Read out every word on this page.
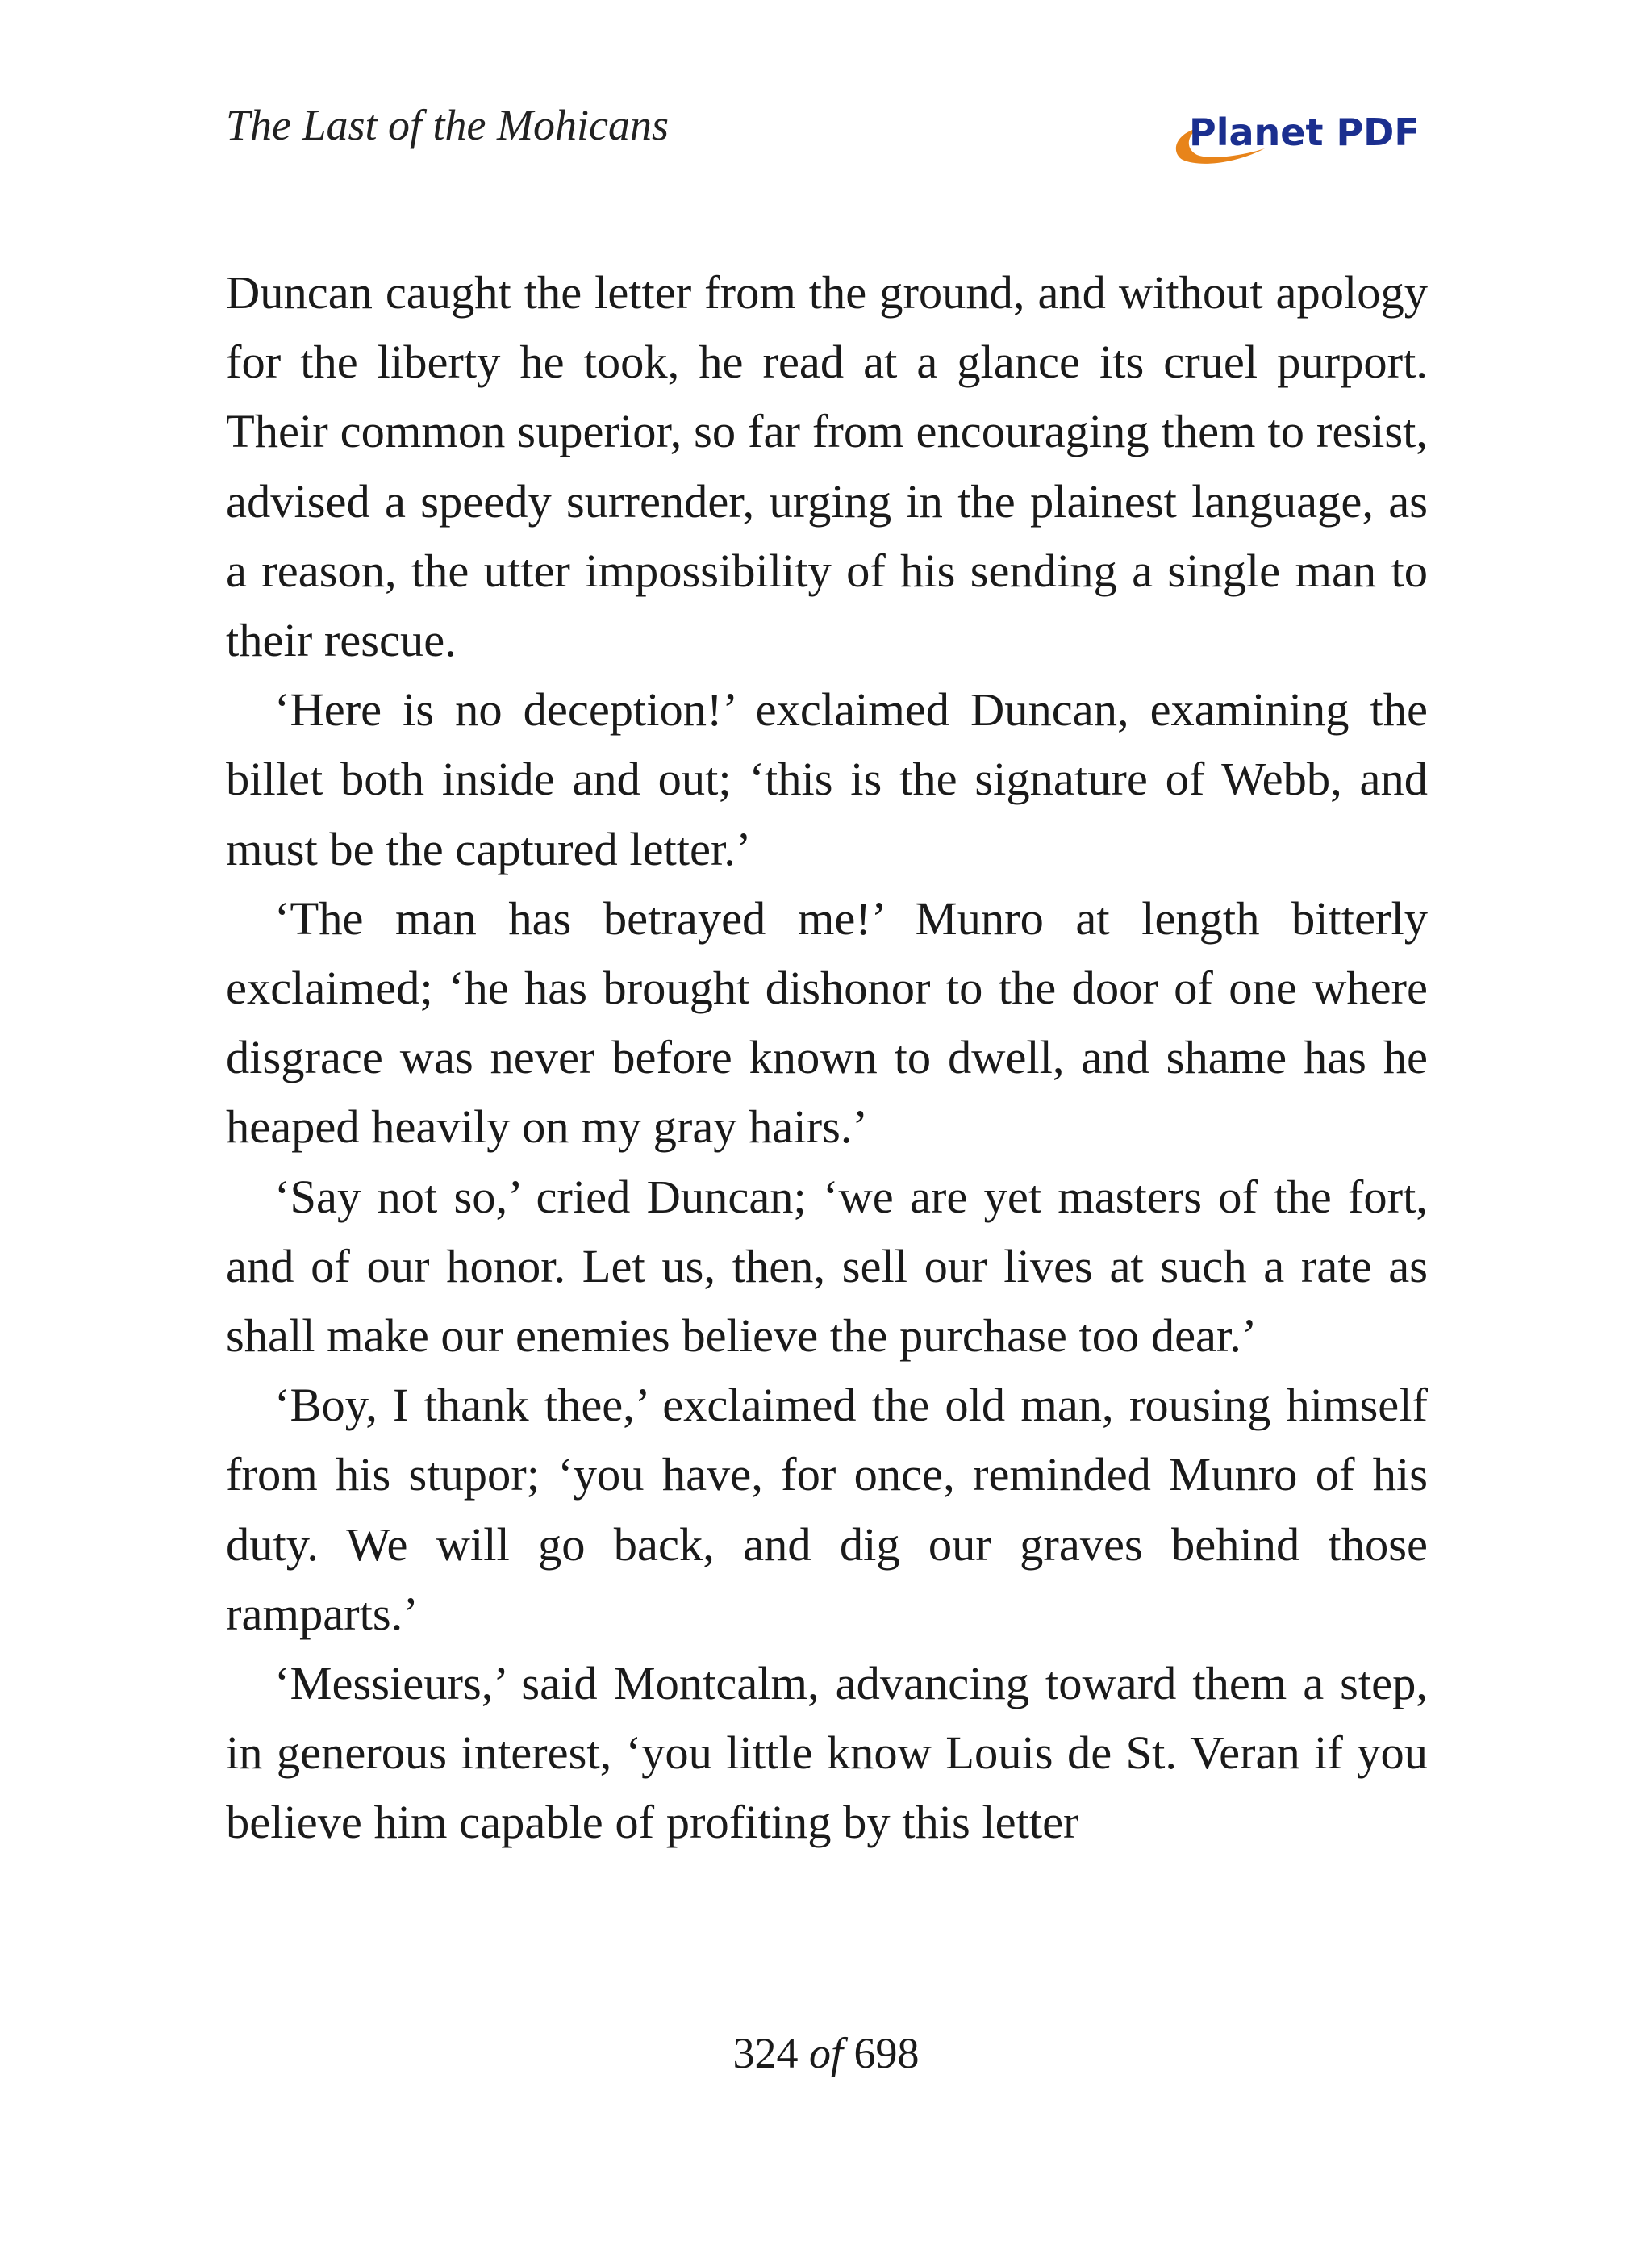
The Last of the Mohicans	Planet PDF

Duncan caught the letter from the ground, and without apology for the liberty he took, he read at a glance its cruel purport. Their common superior, so far from encouraging them to resist, advised a speedy surrender, urging in the plainest language, as a reason, the utter impossibility of his sending a single man to their rescue.

‘Here is no deception!’ exclaimed Duncan, examining the billet both inside and out; ‘this is the signature of Webb, and must be the captured letter.’

‘The man has betrayed me!’ Munro at length bitterly exclaimed; ‘he has brought dishonor to the door of one where disgrace was never before known to dwell, and shame has he heaped heavily on my gray hairs.’

‘Say not so,’ cried Duncan; ‘we are yet masters of the fort, and of our honor. Let us, then, sell our lives at such a rate as shall make our enemies believe the purchase too dear.’

‘Boy, I thank thee,’ exclaimed the old man, rousing himself from his stupor; ‘you have, for once, reminded Munro of his duty. We will go back, and dig our graves behind those ramparts.’

‘Messieurs,’ said Montcalm, advancing toward them a step, in generous interest, ‘you little know Louis de St. Veran if you believe him capable of profiting by this letter

324 of 698
